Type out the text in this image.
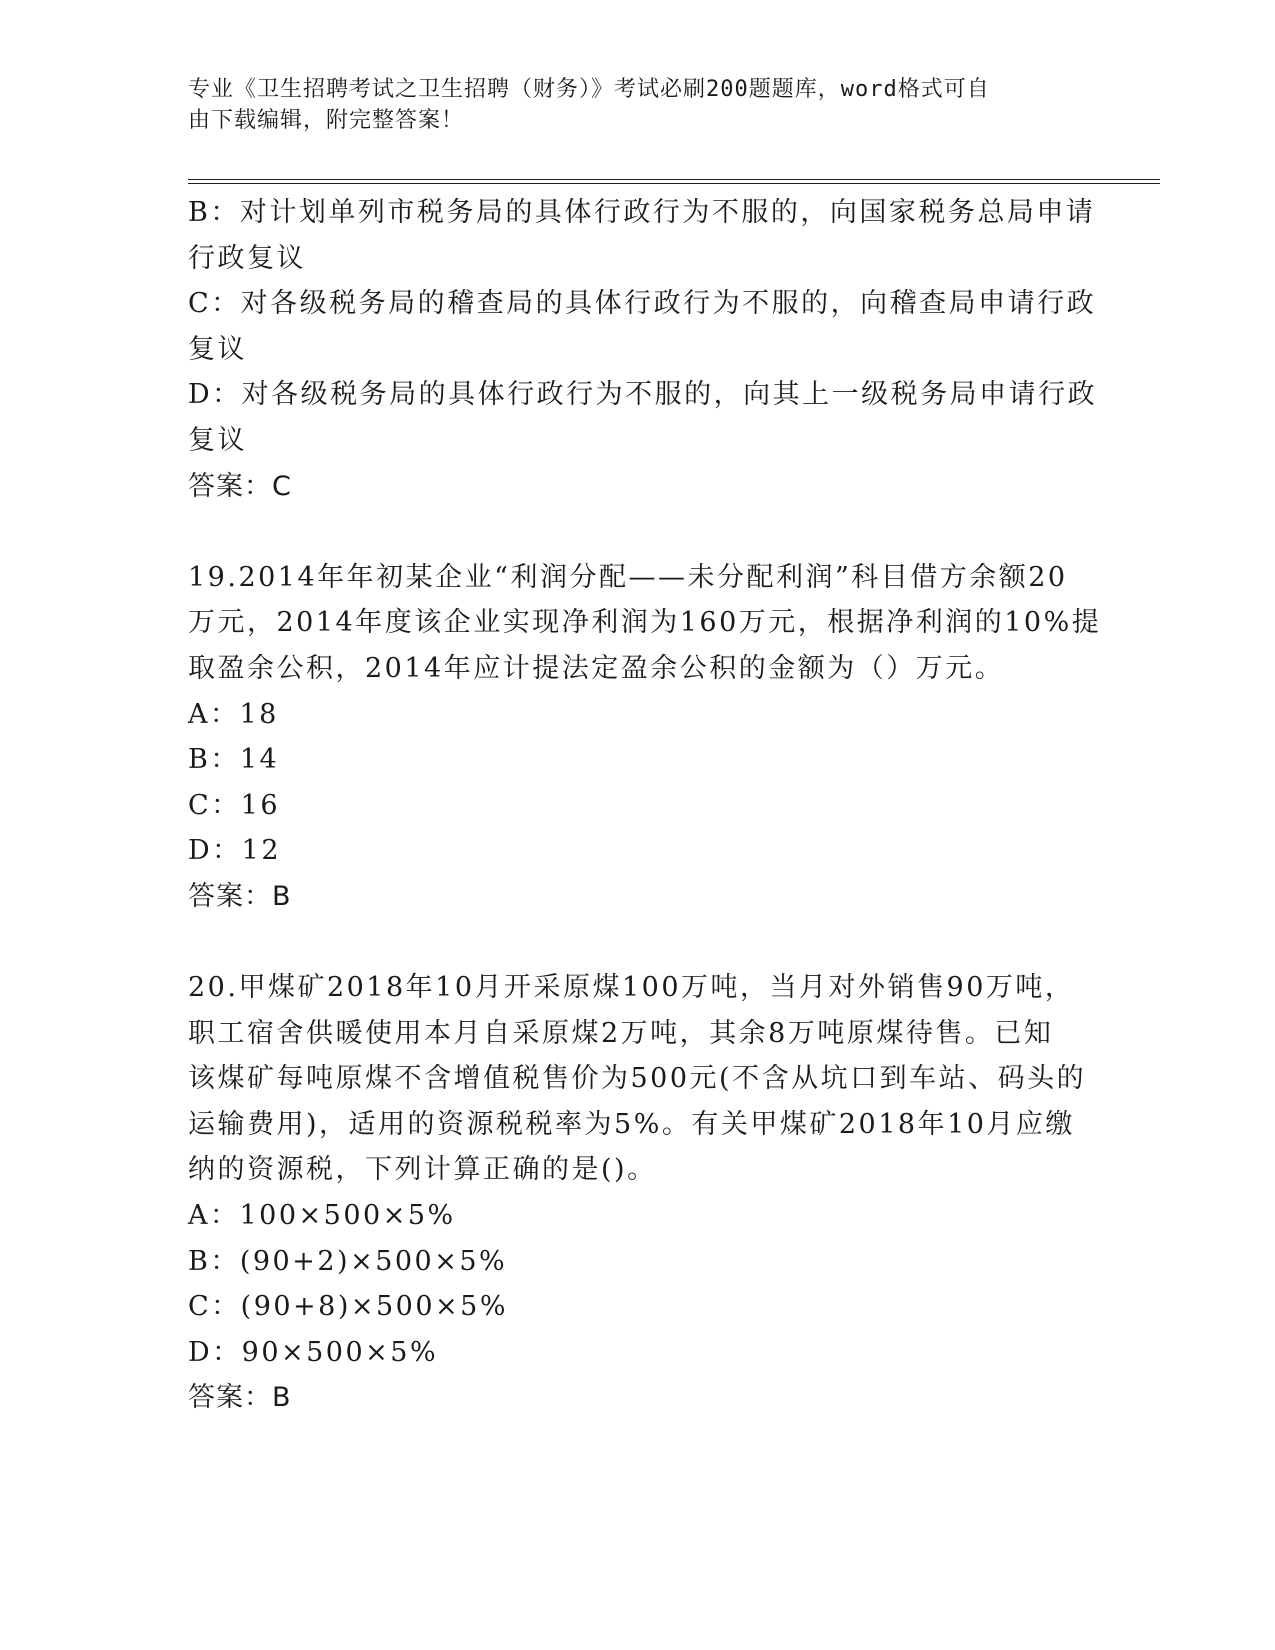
专业《卫生招聘考试之卫生招聘（财务）》考试必刷200题题库，word格式可自
由下载编辑，附完整答案！
B：对计划单列市税务局的具体行政行为不服的，向国家税务总局申请
行政复议
C：对各级税务局的稽查局的具体行政行为不服的，向稽查局申请行政
复议
D：对各级税务局的具体行政行为不服的，向其上一级税务局申请行政
复议
答案：C
19.2014年年初某企业“利润分配——未分配利润”科目借方余额20
万元，2014年度该企业实现净利润为160万元，根据净利润的10%提
取盈余公积，2014年应计提法定盈余公积的金额为（）万元。
A：18
B：14
C：16
D：12
答案：B
20.甲煤矿2018年10月开采原煤100万吨，当月对外销售90万吨，
职工宿舍供暖使用本月自采原煤2万吨，其余8万吨原煤待售。已知
该煤矿每吨原煤不含增值税售价为500元(不含从坑口到车站、码头的
运输费用)，适用的资源税税率为5%。有关甲煤矿2018年10月应缴
纳的资源税，下列计算正确的是()。
A：100×500×5%
B：(90+2)×500×5%
C：(90+8)×500×5%
D：90×500×5%
答案：B
